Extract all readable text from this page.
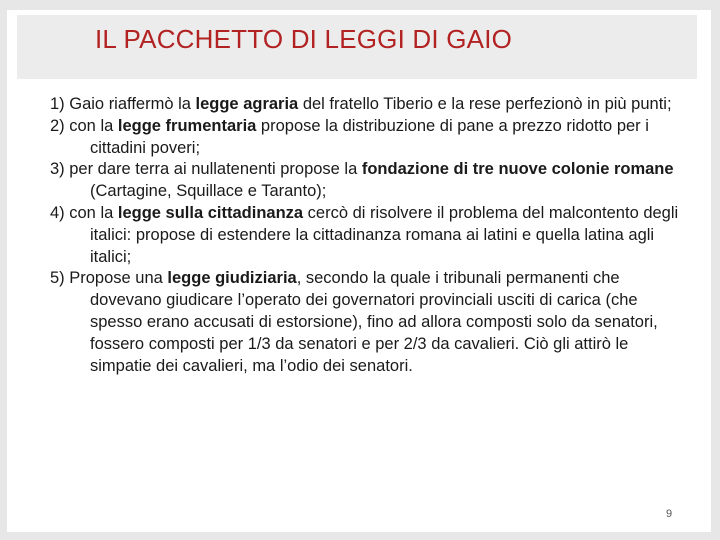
IL PACCHETTO DI LEGGI DI GAIO

1) Gaio riaffermò la legge agraria del fratello Tiberio e la rese perfezionò in più punti;

2) con la legge frumentaria propose la distribuzione di pane a prezzo ridotto per i cittadini poveri;

3) per dare terra ai nullatenenti propose la fondazione di tre nuove colonie romane (Cartagine, Squillace e Taranto);

4) con la legge sulla cittadinanza cercò di risolvere il problema del malcontento degli italici: propose di estendere la cittadinanza romana ai latini e quella latina agli italici;

5) Propose una legge giudiziaria, secondo la quale i tribunali permanenti che dovevano giudicare l’operato dei governatori provinciali usciti di carica (che spesso erano accusati di estorsione), fino ad allora composti solo da senatori, fossero composti per 1/3 da senatori e per 2/3 da cavalieri. Ciò gli attirò le simpatie dei cavalieri, ma l’odio dei senatori.

9
